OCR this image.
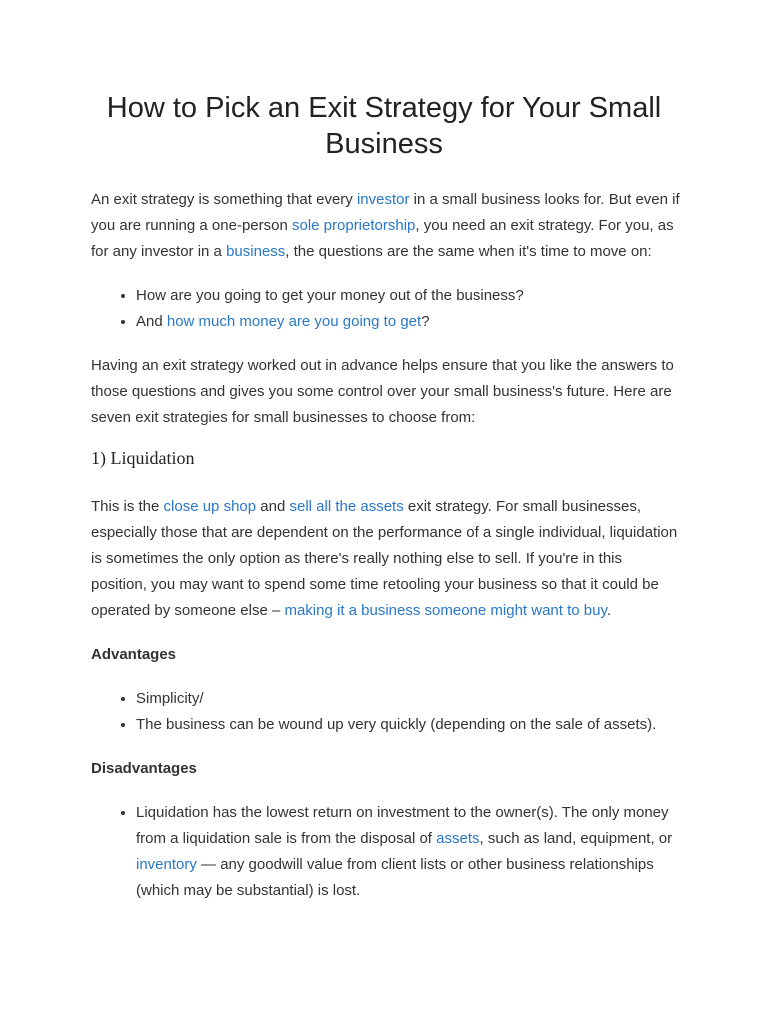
How to Pick an Exit Strategy for Your Small Business

An exit strategy is something that every investor in a small business looks for. But even if you are running a one-person sole proprietorship, you need an exit strategy. For you, as for any investor in a business, the questions are the same when it's time to move on:

• How are you going to get your money out of the business?
• And how much money are you going to get?

Having an exit strategy worked out in advance helps ensure that you like the answers to those questions and gives you some control over your small business's future. Here are seven exit strategies for small businesses to choose from:

1) Liquidation

This is the close up shop and sell all the assets exit strategy. For small businesses, especially those that are dependent on the performance of a single individual, liquidation is sometimes the only option as there's really nothing else to sell. If you're in this position, you may want to spend some time retooling your business so that it could be operated by someone else – making it a business someone might want to buy.

Advantages

• Simplicity/
• The business can be wound up very quickly (depending on the sale of assets).

Disadvantages

• Liquidation has the lowest return on investment to the owner(s). The only money from a liquidation sale is from the disposal of assets, such as land, equipment, or inventory — any goodwill value from client lists or other business relationships (which may be substantial) is lost.
